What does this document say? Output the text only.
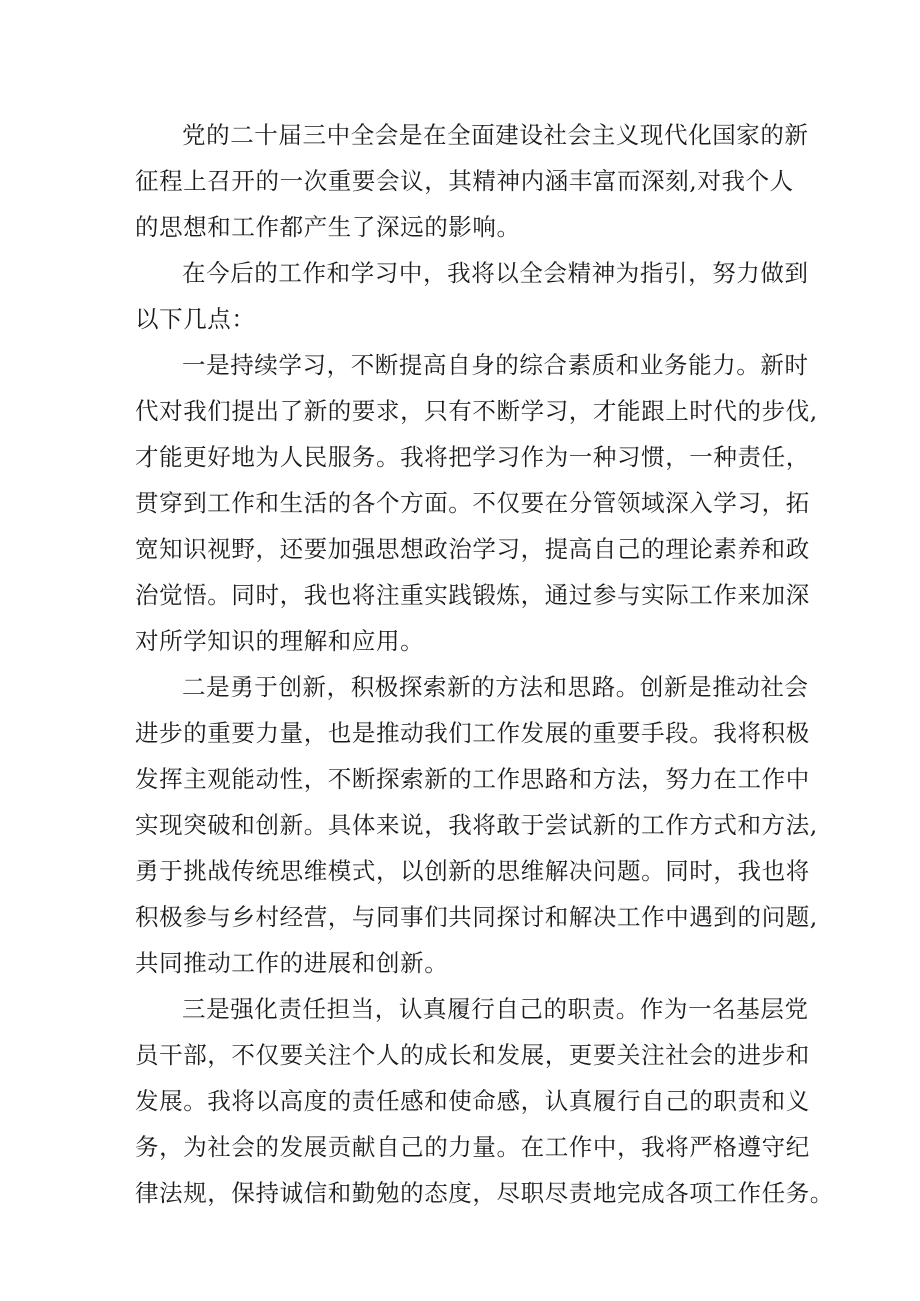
党的二十届三中全会是在全面建设社会主义现代化国家的新
征程上召开的一次重要会议，其精神内涵丰富而深刻,对我个人
的思想和工作都产生了深远的影响。
在今后的工作和学习中，我将以全会精神为指引，努力做到
以下几点：
一是持续学习，不断提高自身的综合素质和业务能力。新时
代对我们提出了新的要求，只有不断学习，才能跟上时代的步伐,
才能更好地为人民服务。我将把学习作为一种习惯，一种责任，
贯穿到工作和生活的各个方面。不仅要在分管领域深入学习，拓
宽知识视野，还要加强思想政治学习，提高自己的理论素养和政
治觉悟。同时，我也将注重实践锻炼，通过参与实际工作来加深
对所学知识的理解和应用。
二是勇于创新，积极探索新的方法和思路。创新是推动社会
进步的重要力量，也是推动我们工作发展的重要手段。我将积极
发挥主观能动性，不断探索新的工作思路和方法，努力在工作中
实现突破和创新。具体来说，我将敢于尝试新的工作方式和方法,
勇于挑战传统思维模式，以创新的思维解决问题。同时，我也将
积极参与乡村经营，与同事们共同探讨和解决工作中遇到的问题,
共同推动工作的进展和创新。
三是强化责任担当，认真履行自己的职责。作为一名基层党
员干部，不仅要关注个人的成长和发展，更要关注社会的进步和
发展。我将以高度的责任感和使命感，认真履行自己的职责和义
务，为社会的发展贡献自己的力量。在工作中，我将严格遵守纪
律法规，保持诚信和勤勉的态度，尽职尽责地完成各项工作任务。
